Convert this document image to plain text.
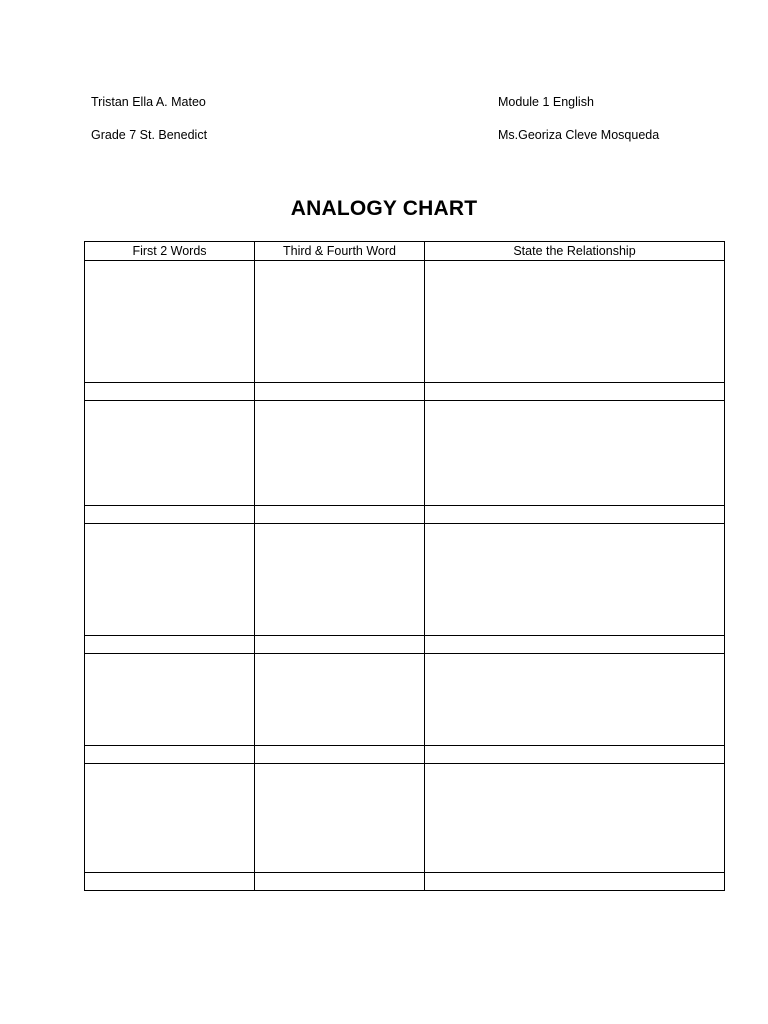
Tristan Ella A. Mateo	Module 1 English
Grade 7 St. Benedict	Ms.Georiza Cleve Mosqueda
ANALOGY CHART
First 2 Words	Third & Fourth Word	State the Relationship
